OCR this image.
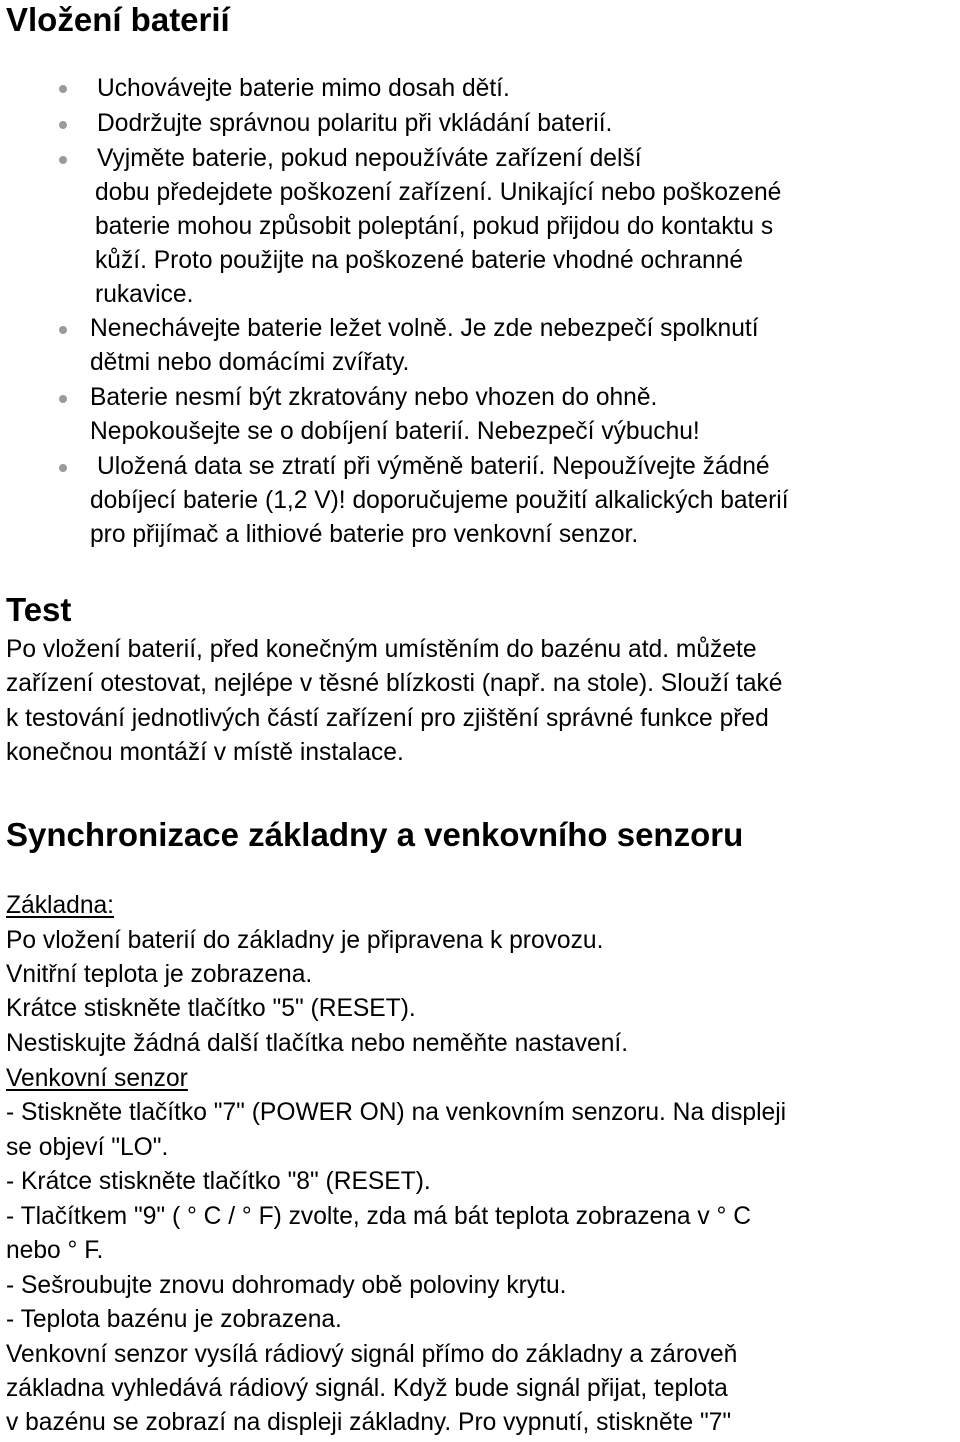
Vložení baterií
Uchovávejte baterie mimo dosah dětí.
Dodržujte správnou polaritu při vkládání baterií.
Vyjměte baterie, pokud nepoužíváte zařízení delší
dobu předejdete poškození zařízení. Unikající nebo poškozené
baterie mohou způsobit poleptání, pokud přijdou do kontaktu s
kůží. Proto použijte na poškozené baterie vhodné ochranné
rukavice.
Nenechávejte baterie ležet volně. Je zde nebezpečí spolknutí
dětmi nebo domácími zvířaty.
Baterie nesmí být zkratovány nebo vhozen do ohně.
Nepokoušejte se o dobíjení baterií. Nebezpečí výbuchu!
Uložená data se ztratí při výměně baterií. Nepoužívejte žádné
dobíjecí baterie (1,2 V)! doporučujeme použití alkalických baterií
pro přijímač a lithiové baterie pro venkovní senzor.
Test
Po vložení baterií, před konečným umístěním do bazénu atd. můžete
zařízení otestovat, nejlépe v těsné blízkosti (např. na stole). Slouží také
k testování jednotlivých částí zařízení pro zjištění správné funkce před
konečnou montáží v místě instalace.
Synchronizace základny a venkovního senzoru
Základna:
Po vložení baterií do základny je připravena k provozu.
Vnitřní teplota je zobrazena.
Krátce stiskněte tlačítko "5" (RESET).
Nestiskujte žádná další tlačítka nebo neměňte nastavení.
Venkovní senzor
- Stiskněte tlačítko "7" (POWER ON) na venkovním senzoru. Na displeji
se objeví "LO".
- Krátce stiskněte tlačítko "8" (RESET).
- Tlačítkem "9" ( ° C / ° F) zvolte, zda má bát teplota zobrazena v ° C
nebo ° F.
- Sešroubujte znovu dohromady obě poloviny krytu.
- Teplota bazénu je zobrazena.
Venkovní senzor vysílá rádiový signál přímo do základny a zároveň
základna vyhledává rádiový signál. Když bude signál přijat, teplota
v bazénu se zobrazí na displeji základny. Pro vypnutí, stiskněte "7"
